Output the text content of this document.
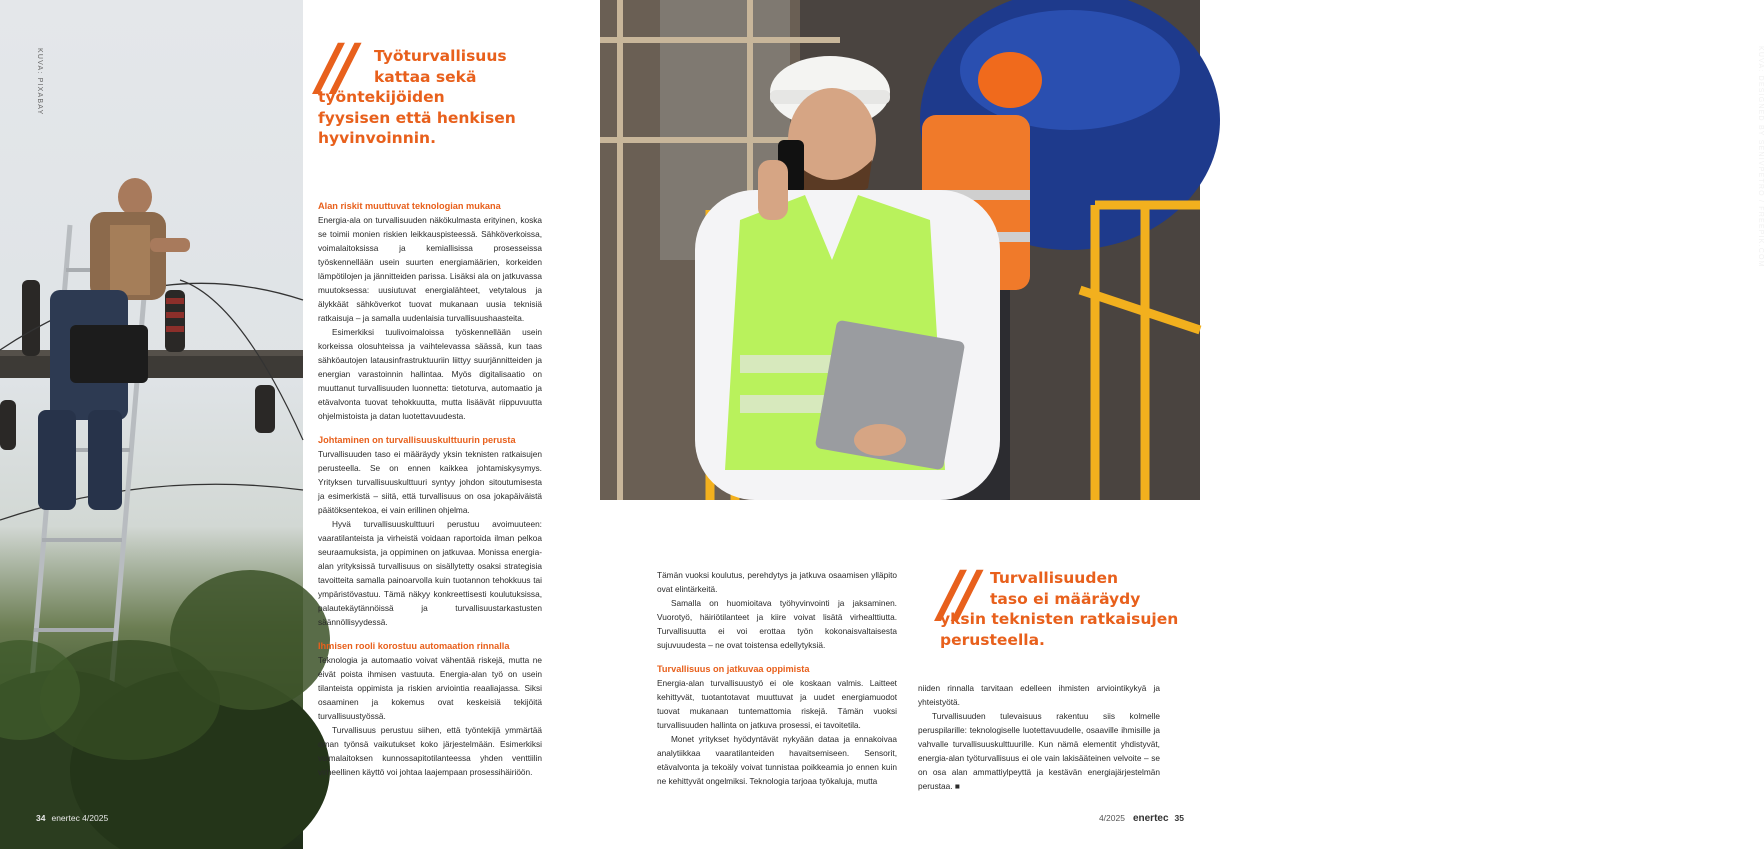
KUVA: PIXABAY
34 enertec 4/2025
KUVA: DESIGNED BY SENIVPETRO / FREEPIK.COM
//	Työturvallisuus
kattaa sekä
työntekijöiden
fyysisen että henkisen
hyvinvoinnin.
Alan riskit muuttuvat teknologian mukana

Energia-ala on turvallisuuden näkökulmasta erityinen, koska se toimii monien riskien leikkauspisteessä. Sähköverkoissa, voimalaitoksissa ja kemiallisissa prosesseissa työskennellään usein suurten energiamäärien, korkeiden lämpötilojen ja jännitteiden parissa. Lisäksi ala on jatkuvassa muutoksessa: uusiutuvat energialähteet, vetytalous ja älykkäät sähköverkot tuovat mukanaan uusia teknisiä ratkaisuja – ja samalla uudenlaisia turvallisuushaasteita.

Esimerkiksi tuulivoimaloissa työskennellään usein korkeissa olosuhteissa ja vaihtelevassa säässä, kun taas sähköautojen latausinfrastruktuuriin liittyy suurjännitteiden ja energian varastoinnin hallintaa. Myös digitalisaatio on muuttanut turvallisuuden luonnetta: tietoturva, automaatio ja etävalvonta tuovat tehokkuutta, mutta lisäävät riippuvuutta ohjelmistoista ja datan luotettavuudesta.

Johtaminen on turvallisuuskulttuurin perusta

Turvallisuuden taso ei määräydy yksin teknisten ratkaisujen perusteella. Se on ennen kaikkea johtamiskysymys. Yrityksen turvallisuuskulttuuri syntyy johdon sitoutumisesta ja esimerkistä – siitä, että turvallisuus on osa jokapäiväistä päätöksentekoa, ei vain erillinen ohjelma.

Hyvä turvallisuuskulttuuri perustuu avoimuuteen: vaaratilanteista ja virheistä voidaan raportoida ilman pelkoa seuraamuksista, ja oppiminen on jatkuvaa. Monissa energia-alan yrityksissä turvallisuus on sisällytetty osaksi strategisia tavoitteita samalla painoarvolla kuin tuotannon tehokkuus tai ympäristövastuu. Tämä näkyy konkreettisesti koulutuksissa, palautekäytännöissä ja turvallisuustarkastusten säännöllisyydessä.

Ihmisen rooli korostuu automaation rinnalla

Teknologia ja automaatio voivat vähentää riskejä, mutta ne eivät poista ihmisen vastuuta. Energia-alan työ on usein tilanteista oppimista ja riskien arviointia reaaliajassa. Siksi osaaminen ja kokemus ovat keskeisiä tekijöitä turvallisuustyössä.

Turvallisuus perustuu siihen, että työntekijä ymmärtää oman työnsä vaikutukset koko järjestelmään. Esimerkiksi voimalaitoksen kunnossapitotilanteessa yhden venttiilin virheellinen käyttö voi johtaa laajempaan prosessihäiriöön.

Tämän vuoksi koulutus, perehdytys ja jatkuva osaamisen ylläpito ovat elintärkeitä.

Samalla on huomioitava työhyvinvointi ja jaksaminen. Vuorotyö, häiriötilanteet ja kiire voivat lisätä virhealttiutta. Turvallisuutta ei voi erottaa työn kokonaisvaltaisesta sujuvuudesta – ne ovat toistensa edellytyksiä.

Turvallisuus on jatkuvaa oppimista

Energia-alan turvallisuustyö ei ole koskaan valmis. Laitteet kehittyvät, tuotantotavat muuttuvat ja uudet energiamuodot tuovat mukanaan tuntemattomia riskejä. Tämän vuoksi turvallisuuden hallinta on jatkuva prosessi, ei tavoitetila.

Monet yritykset hyödyntävät nykyään dataa ja ennakoivaa analytiikkaa vaaratilanteiden havaitsemiseen. Sensorit, etävalvonta ja tekoäly voivat tunnistaa poikkeamia jo ennen kuin ne kehittyvät ongelmiksi. Teknologia tarjoaa työkaluja, mutta

//	Turvallisuuden
taso ei määräydy
yksin teknisten ratkaisujen
perusteella.

niiden rinnalla tarvitaan edelleen ihmisten arviointikykyä ja yhteistyötä.

Turvallisuuden tulevaisuus rakentuu siis kolmelle peruspilarille: teknologiselle luotettavuudelle, osaaville ihmisille ja vahvalle turvallisuuskulttuurille. Kun nämä elementit yhdistyvät, energia-alan työturvallisuus ei ole vain lakisääteinen velvoite – se on osa alan ammattiylpeyttä ja kestävän energiajärjestelmän perustaa. ■

4/2025 enertec 35
